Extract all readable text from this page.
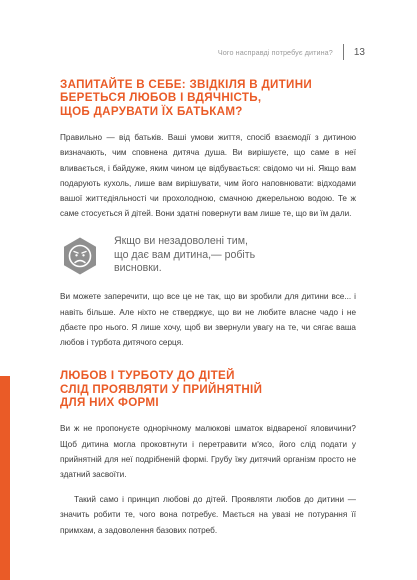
Чого насправді потребує дитина? 13
ЗАПИТАЙТЕ В СЕБЕ: ЗВІДКІЛЯ В ДИТИНИ
БЕРЕТЬСЯ ЛЮБОВ І ВДЯЧНІСТЬ,
ЩОБ ДАРУВАТИ ЇХ БАТЬКАМ?

Правильно — від батьків. Ваші умови життя, спосіб взаємодії з дитиною визначають, чим сповнена дитяча душа. Ви вирішуєте, що саме в неї вливається, і байдуже, яким чином це відбувається: свідомо чи ні. Якщо вам подарують кухоль, лише вам вирішувати, чим його наповнювати: відходами вашої життєдіяльності чи прохолодною, смачною джерельною водою. Те ж саме стосується й дітей. Вони здатні повернути вам лише те, що ви їм дали.

Якщо ви незадоволені тим,
що дає вам дитина,— робіть
висновки.

Ви можете заперечити, що все це не так, що ви зробили для дитини все... і навіть більше. Але ніхто не стверджує, що ви не любите власне чадо і не дбаєте про нього. Я лише хочу, щоб ви звернули увагу на те, чи сягає ваша любов і турбота дитячого серця.

ЛЮБОВ І ТУРБОТУ ДО ДІТЕЙ
СЛІД ПРОЯВЛЯТИ У ПРИЙНЯТНІЙ
ДЛЯ НИХ ФОРМІ

Ви ж не пропонуєте однорічному малюкові шматок відвареної яловичини? Щоб дитина могла проковтнути і перетравити м'ясо, його слід подати у прийнятній для неї подрібненій формі. Грубу їжу дитячий організм просто не здатний засвоїти.

Такий само і принцип любові до дітей. Проявляти любов до дитини — значить робити те, чого вона потребує. Мається на увазі не потурання її примхам, а задоволення базових потреб.
